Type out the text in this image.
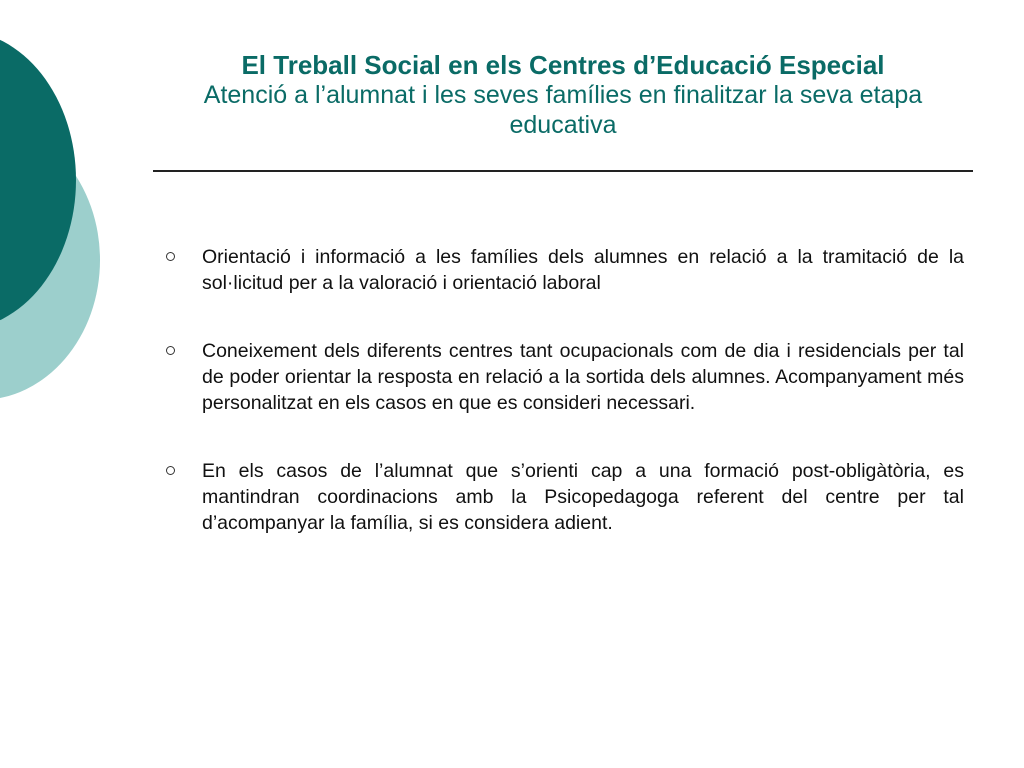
El Treball Social en els Centres d’Educació Especial
Atenció a l’alumnat i les seves famílies en finalitzar la seva etapa educativa
Orientació i informació a les famílies dels alumnes en relació a la tramitació de la sol·licitud per a la valoració i orientació laboral
Coneixement dels diferents centres tant ocupacionals com de dia i residencials per tal de poder orientar la resposta en relació a la sortida dels alumnes. Acompanyament més personalitzat en els casos en que es consideri necessari.
En els casos de l’alumnat que s’orienti cap a una formació post-obligàtòria, es mantindran coordinacions amb la Psicopedagoga referent del centre per tal d’acompanyar la família, si es considera adient.
